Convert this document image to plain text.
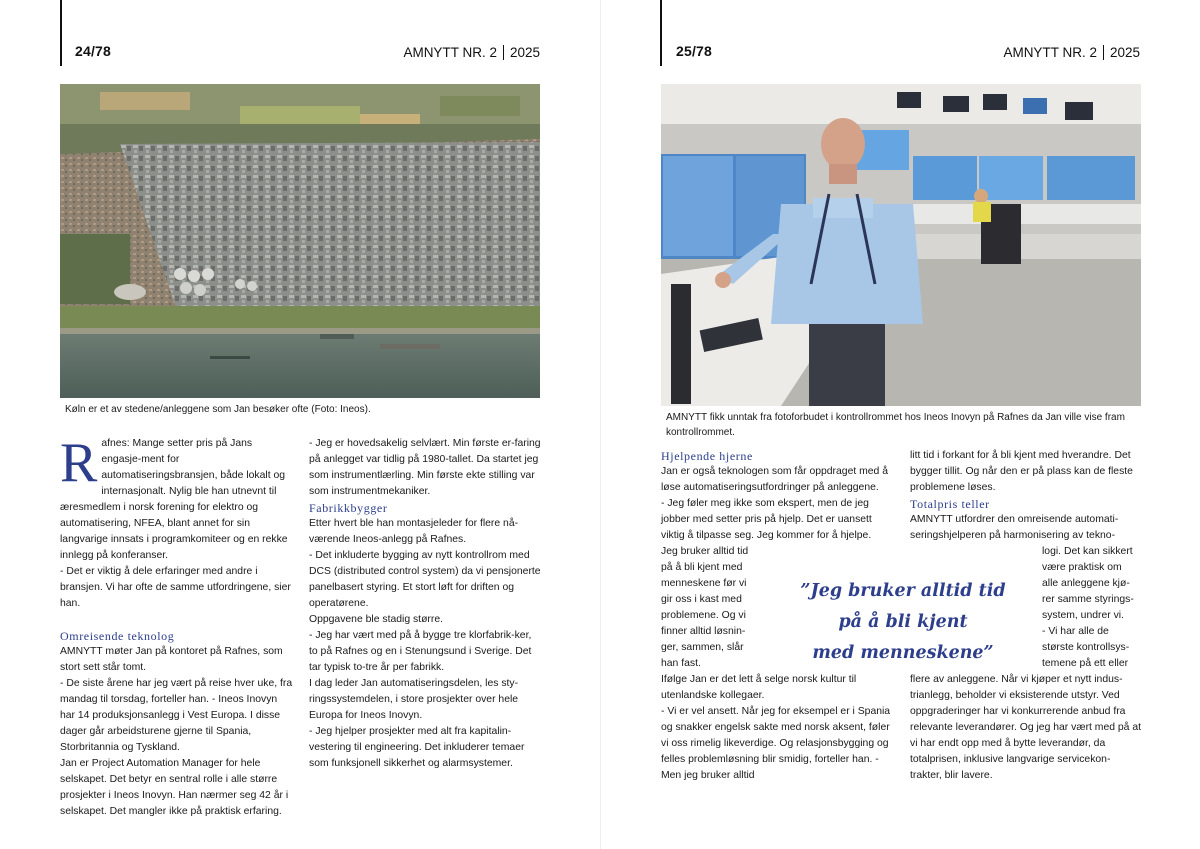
24/78	AMNYTT NR. 2 2025
Køln er et av stedene/anleggene som Jan besøker ofte (Foto: Ineos).

Rafnes: Mange setter pris på Jans engasje-ment for automatiseringsbransjen, både lokalt og internasjonalt. Nylig ble han utnevnt til æresmedlem i norsk forening for elektro og automatisering, NFEA, blant annet for sin langvarige innsats i programkomiteer og en rekke innlegg på konferanser.

- Det er viktig å dele erfaringer med andre i bransjen. Vi har ofte de samme utfordringene, sier han.

Omreisende teknolog

AMNYTT møter Jan på kontoret på Rafnes, som stort sett står tomt.

- De siste årene har jeg vært på reise hver uke, fra mandag til torsdag, forteller han. - Ineos Inovyn har 14 produksjonsanlegg i Vest Europa. I disse dager går arbeidsturene gjerne til Spania, Storbritannia og Tyskland.

Jan er Project Automation Manager for hele selskapet. Det betyr en sentral rolle i alle større prosjekter i Ineos Inovyn. Han nærmer seg 42 år i selskapet. Det mangler ikke på praktisk erfaring.

- Jeg er hovedsakelig selvlært. Min første er-faring på anlegget var tidlig på 1980-tallet. Da startet jeg som instrumentlærling. Min første ekte stilling var som instrumentmekaniker.

Fabrikkbygger

Etter hvert ble han montasjeleder for flere nå-værende Ineos-anlegg på Rafnes.

- Det inkluderte bygging av nytt kontrollrom med DCS (distributed control system) da vi pensjonerte panelbasert styring. Et stort løft for driften og operatørene.

Oppgavene ble stadig større.

- Jeg har vært med på å bygge tre klorfabrik-ker, to på Rafnes og en i Stenungsund i Sverige. Det tar typisk to-tre år per fabrikk.

I dag leder Jan automatiseringsdelen, les sty-ringssystemdelen, i store prosjekter over hele Europa for Ineos Inovyn.

- Jeg hjelper prosjekter med alt fra kapitalin-vestering til engineering. Det inkluderer temaer som funksjonell sikkerhet og alarmsystemer.

25/78	AMNYTT NR. 2 2025
AMNYTT fikk unntak fra fotoforbudet i kontrollrommet hos Ineos Inovyn på Rafnes da Jan ville vise fram kontrollrommet.

Hjelpende hjerne

Jan er også teknologen som får oppdraget med å løse automatiseringsutfordringer på anleggene.

- Jeg føler meg ikke som ekspert, men de jeg jobber med setter pris på hjelp. Det er uansett viktig å tilpasse seg. Jeg kommer for å hjelpe.

Jeg bruker alltid tid
på å bli kjent med
menneskene før vi
gir oss i kast med
problemene. Og vi
finner alltid løsnin-
ger, sammen, slår
han fast.

Ifølge Jan er det lett å selge norsk kultur til utenlandske kollegaer.

- Vi er vel ansett. Når jeg for eksempel er i Spania og snakker engelsk sakte med norsk aksent, føler vi oss rimelig likeverdige. Og relasjonsbygging og felles problemløsning blir smidig, forteller han. - Men jeg bruker alltid

litt tid i forkant for å bli kjent med hverandre. Det bygger tillit. Og når den er på plass kan de fleste problemene løses.

Totalpris teller

AMNYTT utfordrer den omreisende automati-seringshjelperen på harmonisering av tekno-

logi. Det kan sikkert
være praktisk om
alle anleggene kjø-
rer samme styrings-
system, undrer vi.
- Vi har alle de
største kontrollsys-
temene på ett eller

flere av anleggene. Når vi kjøper et nytt indus-trianlegg, beholder vi eksisterende utstyr. Ved oppgraderinger har vi konkurrerende anbud fra relevante leverandører. Og jeg har vært med på at vi har endt opp med å bytte leverandør, da totalprisen, inklusive langvarige servicekon-trakter, blir lavere.

”Jeg bruker alltid tid
på å bli kjent
med menneskene”
